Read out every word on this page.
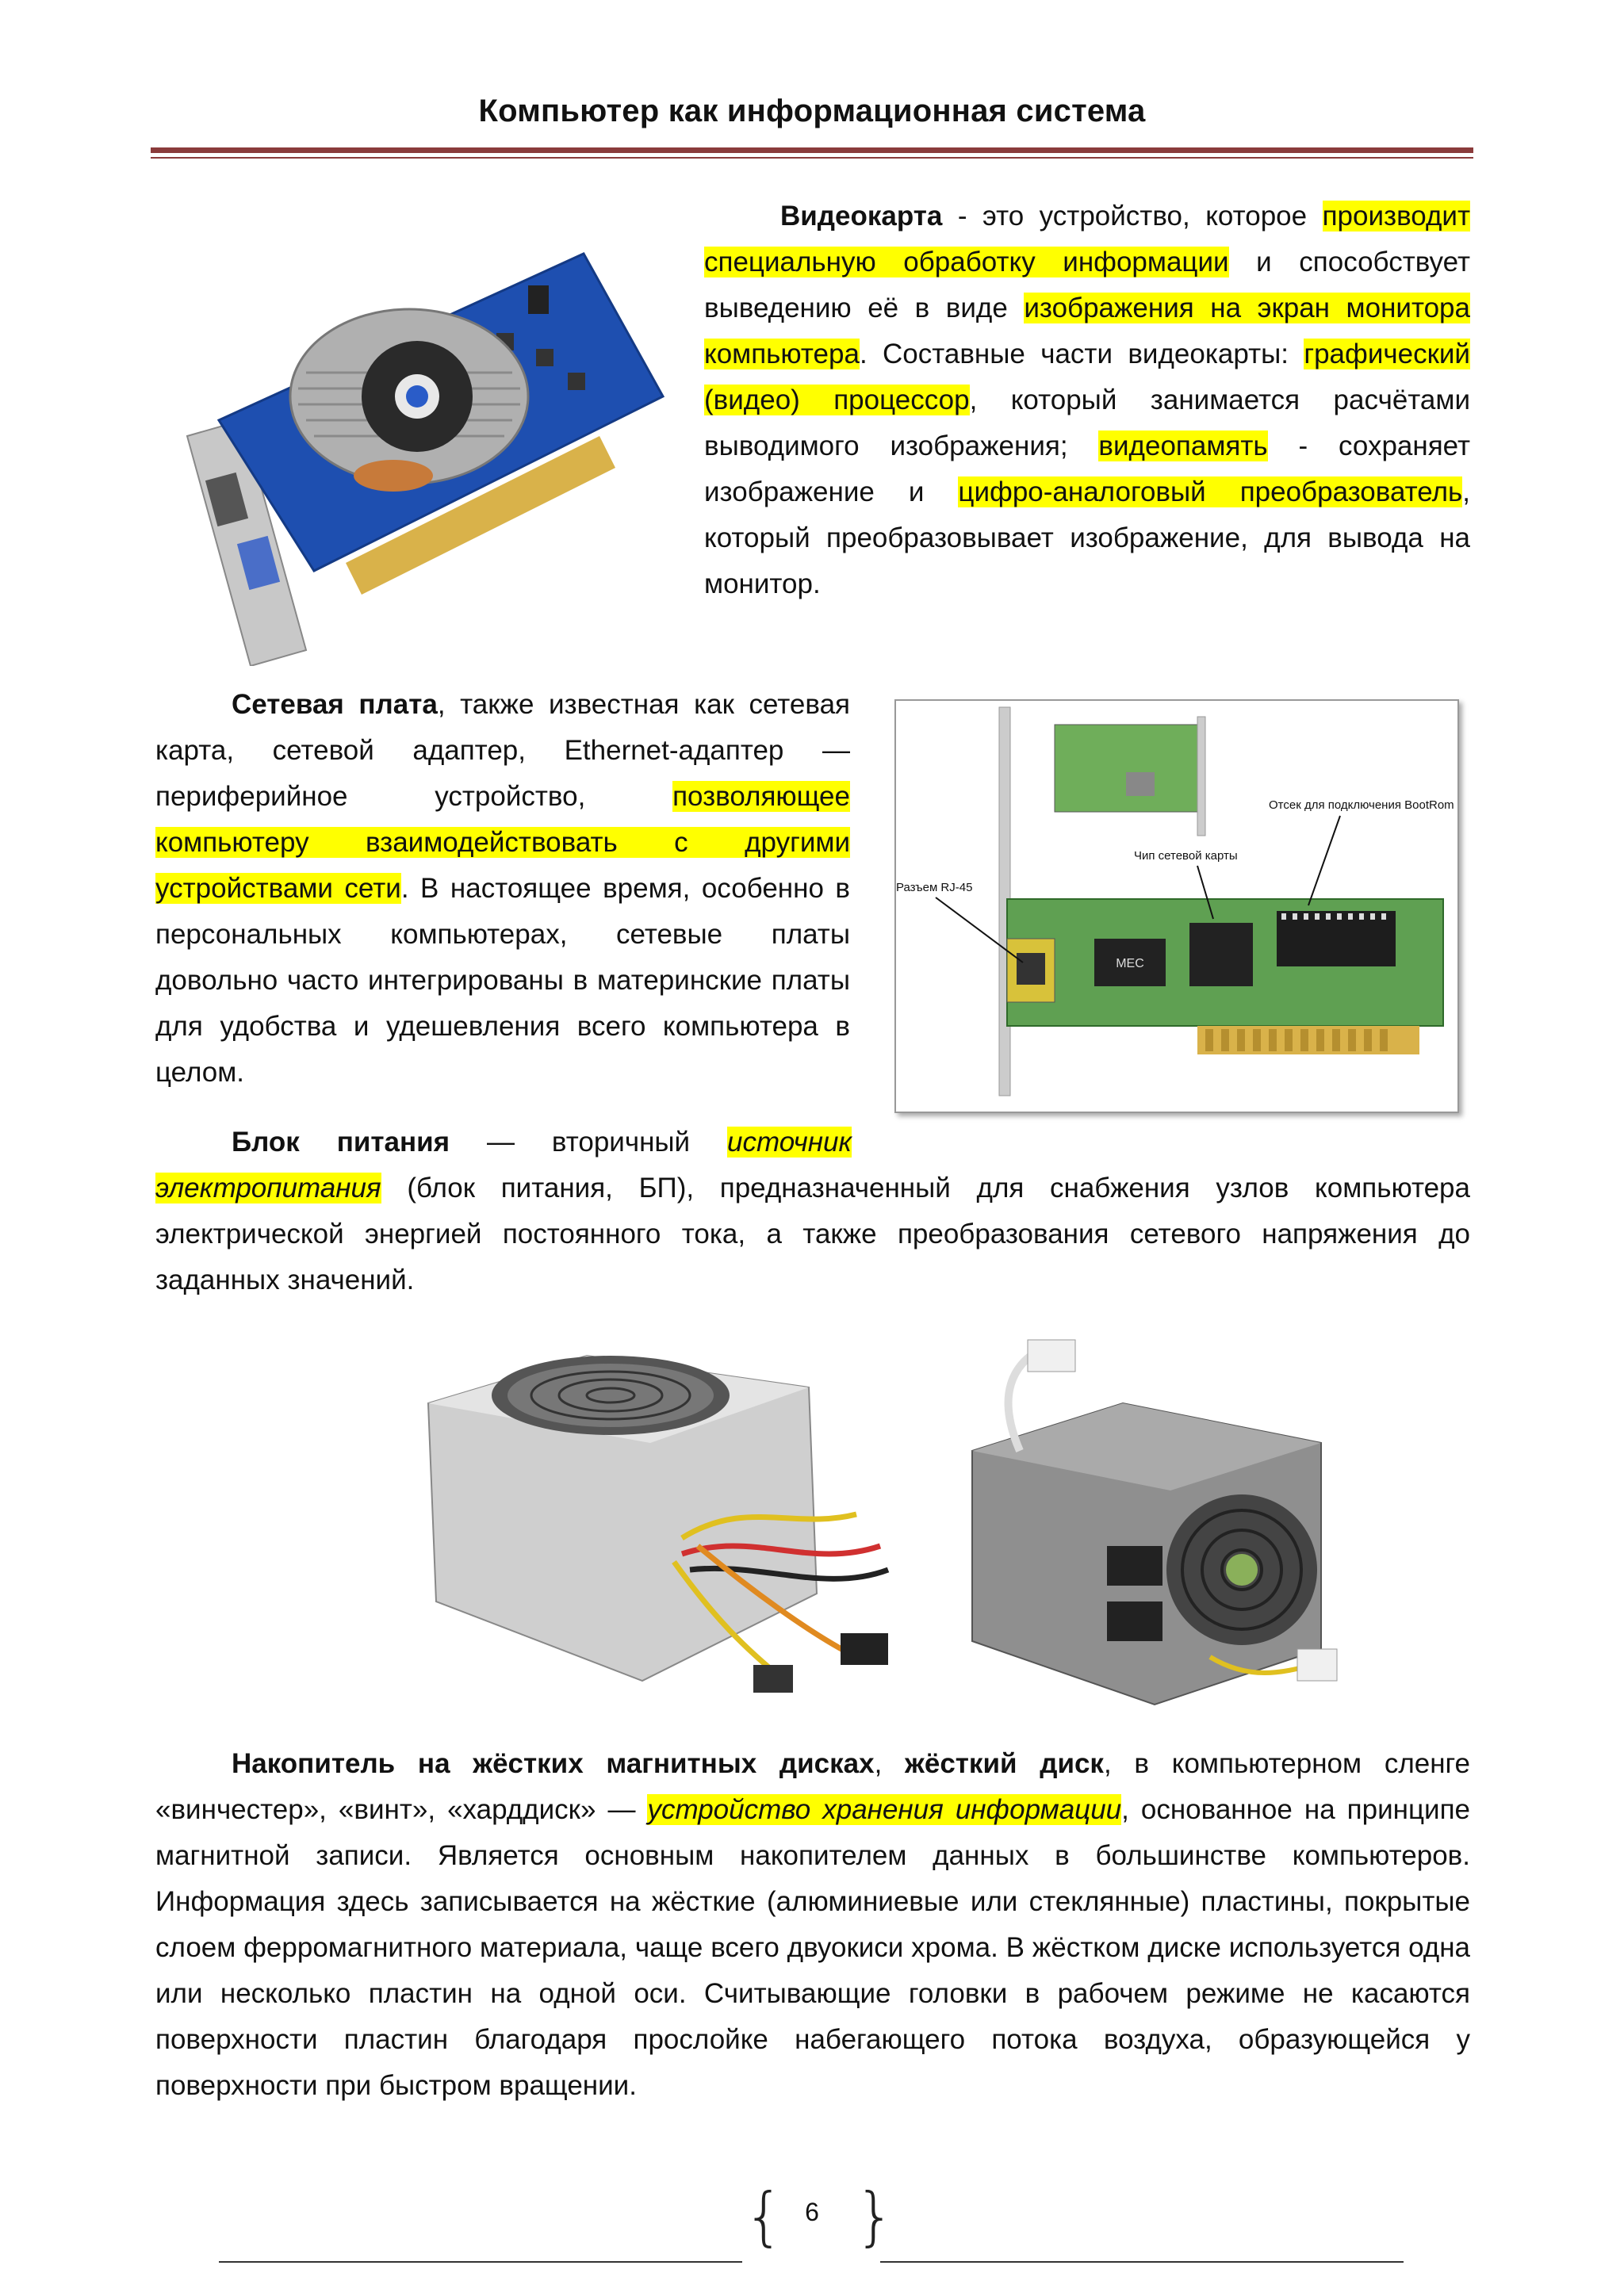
Компьютер как информационная система
Видеокарта - это устройство, которое производит специальную обработку информации и способствует выведению её в виде изображения на экран монитора компьютера. Составные части видеокарты: графический (видео) процессор, который занимается расчётами выводимого изображения; видеопамять - сохраняет изображение и цифро-аналоговый преобразователь, который преобразовывает изображение, для вывода на монитор.
Сетевая плата, также известная как сетевая карта, сетевой адаптер, Ethernet-адаптер — периферийное устройство, позволяющее компьютеру взаимодействовать с другими устройствами сети. В настоящее время, особенно в персональных компьютерах, сетевые платы довольно часто интегрированы в материнские платы для удобства и удешевления всего компьютера в целом.
MEC
Отсек для подключения BootRom
Чип сетевой карты
Разъем RJ-45
Блок питания — вторичный источник электропитания (блок питания, БП), предназначенный для снабжения узлов компьютера электрической энергией постоянного тока, а также преобразования сетевого напряжения до заданных значений.
Накопитель на жёстких магнитных дисках, жёсткий диск, в компьютерном сленге «винчестер», «винт», «харддиск» — устройство хранения информации, основанное на принципе магнитной записи. Является основным накопителем данных в большинстве компьютеров. Информация здесь записывается на жёсткие (алюминиевые или стеклянные) пластины, покрытые слоем ферромагнитного материала, чаще всего двуокиси хрома. В жёстком диске используется одна или несколько пластин на одной оси. Считывающие головки в рабочем режиме не касаются поверхности пластин благодаря прослойке набегающего потока воздуха, образующейся у поверхности при быстром вращении.
{ 6 }
